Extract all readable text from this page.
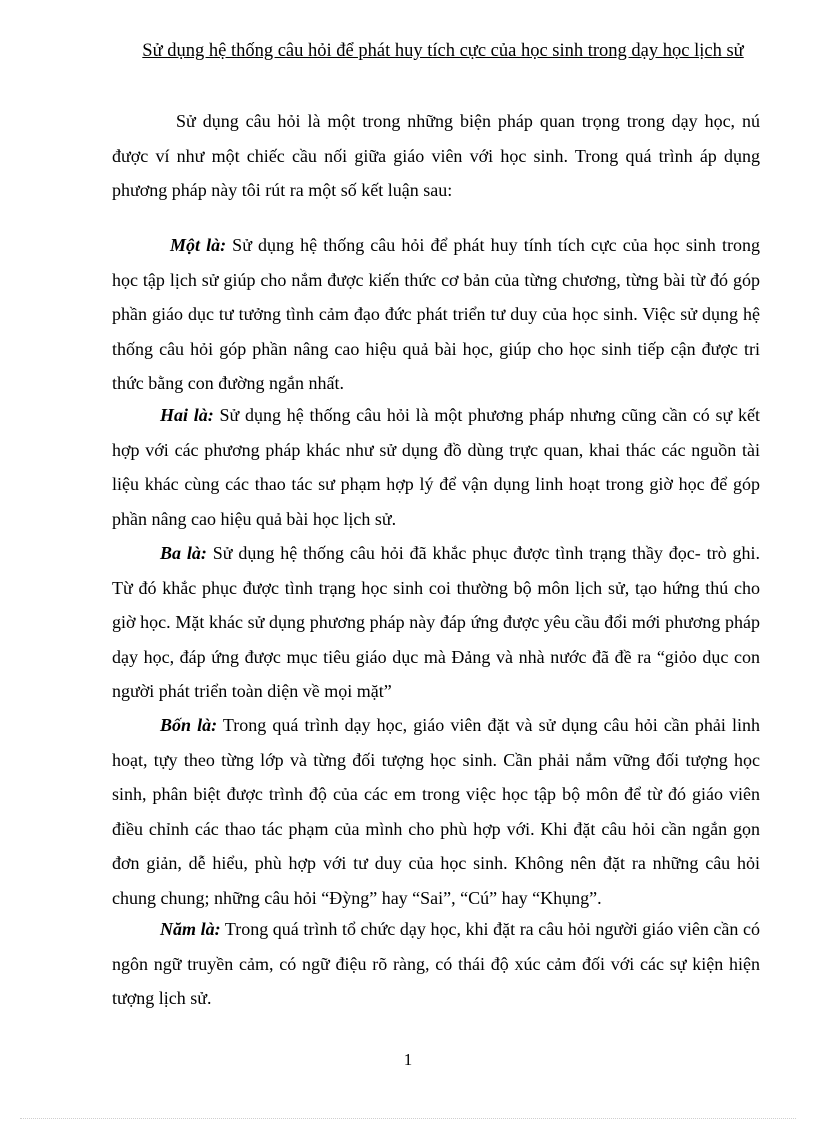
Sử dụng hệ thống câu hỏi để phát huy tích cực của học sinh trong dạy học lịch sử

Sử dụng câu hỏi là một trong những biện pháp quan trọng trong dạy học, nú được ví như một chiếc cầu nối giữa giáo viên với học sinh. Trong quá trình áp dụng phương pháp này tôi rút ra một số kết luận sau:

Một là: Sử dụng hệ thống câu hỏi để phát huy tính tích cực của học sinh trong học tập lịch sử giúp cho nắm được kiến thức cơ bản của từng chương, từng bài từ đó góp phần giáo dục tư tưởng tình cảm đạo đức phát triển tư duy của học sinh. Việc sử dụng hệ thống câu hỏi góp phần nâng cao hiệu quả bài học, giúp cho học sinh tiếp cận được tri thức bằng con đường ngắn nhất.

Hai là: Sử dụng hệ thống câu hỏi là một phương pháp nhưng cũng cần có sự kết hợp với các phương pháp khác như sử dụng đồ dùng trực quan, khai thác các nguồn tài liệu khác cùng các thao tác sư phạm hợp lý để vận dụng linh hoạt trong giờ học để góp phần nâng cao hiệu quả bài học lịch sử.

Ba là: Sử dụng hệ thống câu hỏi đã khắc phục được tình trạng thầy đọc- trò ghi. Từ đó khắc phục được tình trạng học sinh coi thường bộ môn lịch sử, tạo hứng thú cho giờ học. Mặt khác sử dụng phương pháp này đáp ứng được yêu cầu đổi mới phương pháp dạy học, đáp ứng được mục tiêu giáo dục mà Đảng và nhà nước đã đề ra “giỏo dục con người phát triển toàn diện về mọi mặt”

Bốn là: Trong quá trình dạy học, giáo viên đặt và sử dụng câu hỏi cần phải linh hoạt, tựy theo từng lớp và từng đối tượng học sinh. Cần phải nắm vững đối tượng học sinh, phân biệt được trình độ của các em trong việc học tập bộ môn để từ đó giáo viên điều chỉnh các thao tác phạm của mình cho phù hợp với. Khi đặt câu hỏi cần ngắn gọn đơn giản, dễ hiểu, phù hợp với tư duy của học sinh. Không nên đặt ra những câu hỏi chung chung; những câu hỏi “Đỳng” hay “Sai”, “Cú” hay “Khụng”.

Năm là: Trong quá trình tổ chức dạy học, khi đặt ra câu hỏi người giáo viên cần có ngôn ngữ truyền cảm, có ngữ điệu rõ ràng, có thái độ xúc cảm đối với các sự kiện hiện tượng lịch sử.

1
